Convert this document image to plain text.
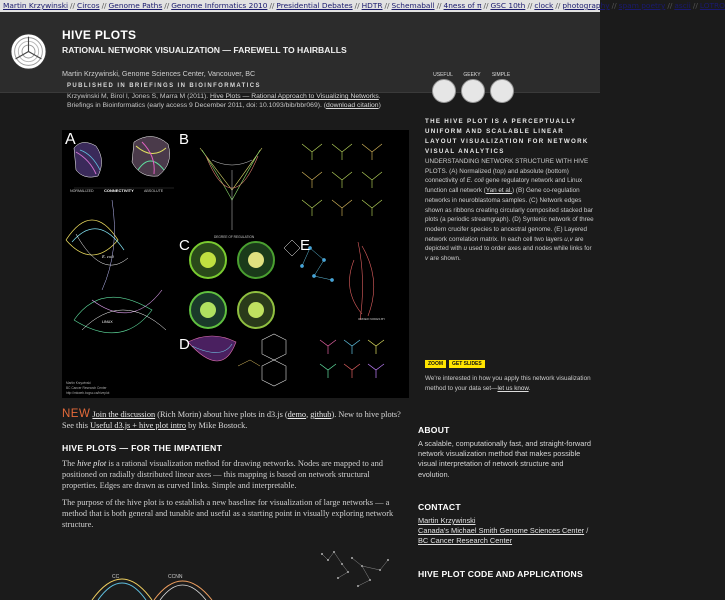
Martin Krzywinski // Circos // Genome Paths // Genome Informatics 2010 // Presidential Debates // HDTR // Schemaball // 4ness of π // GSC 10th // clock // photography // spam poetry // ascii // LOTRO
HIVE PLOTS
RATIONAL NETWORK VISUALIZATION — FAREWELL TO HAIRBALLS
Martin Krzywinski, Genome Sciences Center, Vancouver, BC	USEFUL	GEEKY	SIMPLE
PUBLISHED IN BRIEFINGS IN BIOINFORMATICS
Krzywinski M, Birol I, Jones S, Marra M (2011). Hive Plots — Rational Approach to Visualizing Networks. Briefings in Bioinformatics (early access 9 December 2011, doi: 10.1093/bib/bbr069). (download citation)
NORMALIZED	CONNECTIVITY	ABSOLUTE
E. coli
LINUX
Martin Krzywinski
BC Cancer Research Center
http://mkweb.bcgsc.ca/hiveplot
A
DEGREE OF REGULATION
B
C
D
ORDER NODES BY
E
NEW Join the discussion (Rich Morin) about hive plots in d3.js (demo, github). New to hive plots? See this Useful d3.js + hive plot intro by Mike Bostock.
HIVE PLOTS — FOR THE IMPATIENT
The hive plot is a rational visualization method for drawing networks. Nodes are mapped to and positioned on radially distributed linear axes — this mapping is based on network structural properties. Edges are drawn as curved links. Simple and interpretable.
The purpose of the hive plot is to establish a new baseline for visualization of large networks — a method that is both general and tunable and useful as a starting point in visually exploring network structure.
CC	CCNN
THE HIVE PLOT IS A PERCEPTUALLY UNIFORM AND SCALABLE LINEAR LAYOUT VISUALIZATION FOR NETWORK VISUAL ANALYTICS
UNDERSTANDING NETWORK STRUCTURE WITH HIVE PLOTS. (A) Normalized (top) and absolute (bottom) connectivity of E. coli gene regulatory network and Linux function call network (Yan et al.) (B) Gene co-regulation networks in neuroblastoma samples. (C) Network edges shown as ribbons creating circularly composited stacked bar plots (a periodic streamgraph). (D) Syntenic network of three modern crucifer species to ancestral genome. (E) Layered network correlation matrix. In each cell two layers u,v are depicted with u used to order axes and nodes while links for v are shown.
ZOOM GET SLIDES
We're interested in how you apply this network visualization method to your data set—let us know.
ABOUT
A scalable, computationally fast, and straight-forward network visualization method that makes possible visual interpretation of network structure and evolution.
CONTACT
Martin Krzywinski
Canada's Michael Smith Genome Sciences Center / BC Cancer Research Center
HIVE PLOT CODE AND APPLICATIONS
